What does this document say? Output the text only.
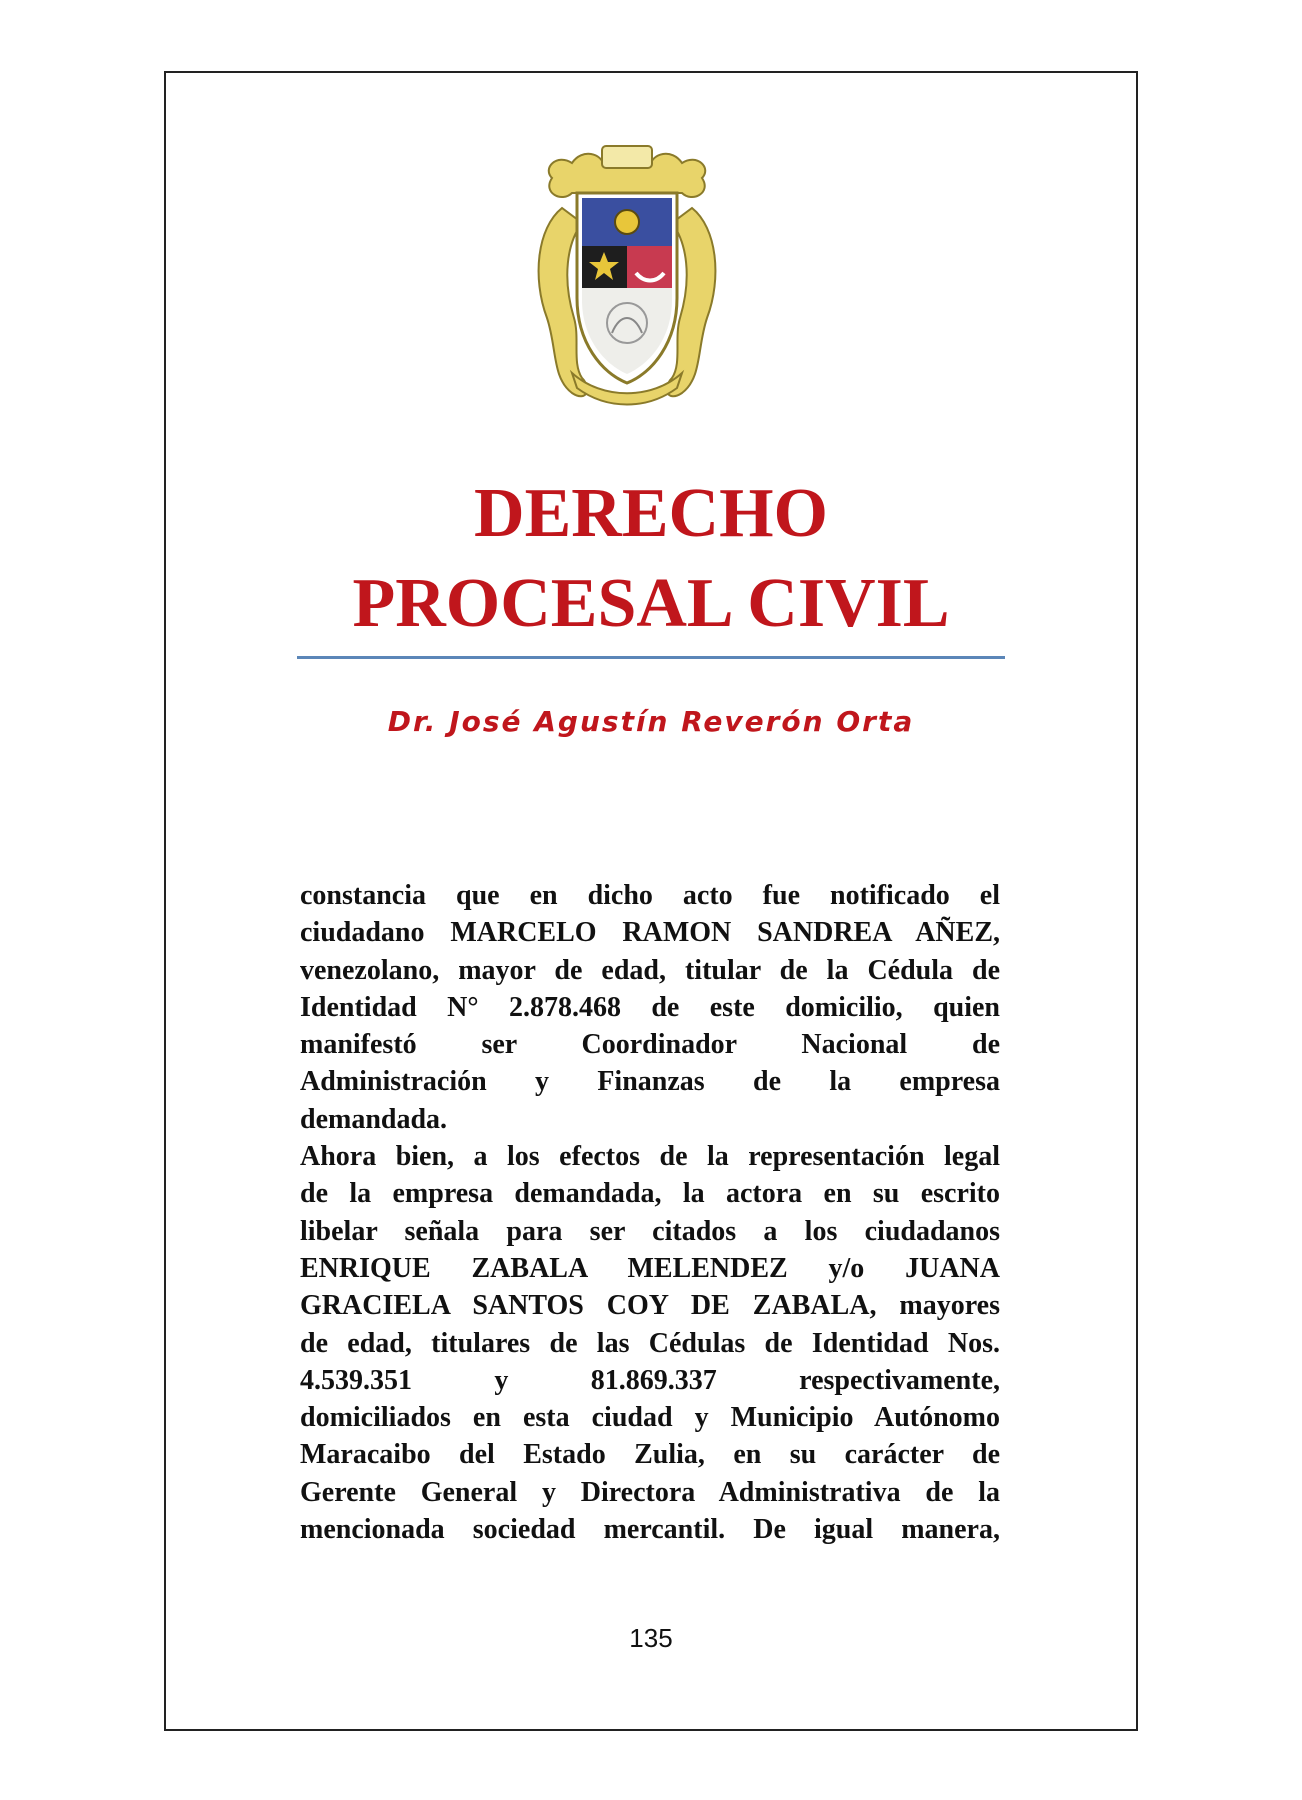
DERECHO
PROCESAL CIVIL
Dr. José Agustín Reverón Orta
constancia que en dicho acto fue notificado el
ciudadano MARCELO RAMON SANDREA AÑEZ,
venezolano, mayor de edad, titular de la Cédula de
Identidad N° 2.878.468 de este domicilio, quien
manifestó ser Coordinador Nacional de
Administración y Finanzas de la empresa
demandada.
Ahora bien, a los efectos de la representación legal
de la empresa demandada, la actora en su escrito
libelar señala para ser citados a los ciudadanos
ENRIQUE ZABALA MELENDEZ y/o JUANA
GRACIELA SANTOS COY DE ZABALA, mayores
de edad, titulares de las Cédulas de Identidad Nos.
4.539.351 y 81.869.337 respectivamente,
domiciliados en esta ciudad y Municipio Autónomo
Maracaibo del Estado Zulia, en su carácter de
Gerente General y Directora Administrativa de la
mencionada sociedad mercantil. De igual manera,
135
